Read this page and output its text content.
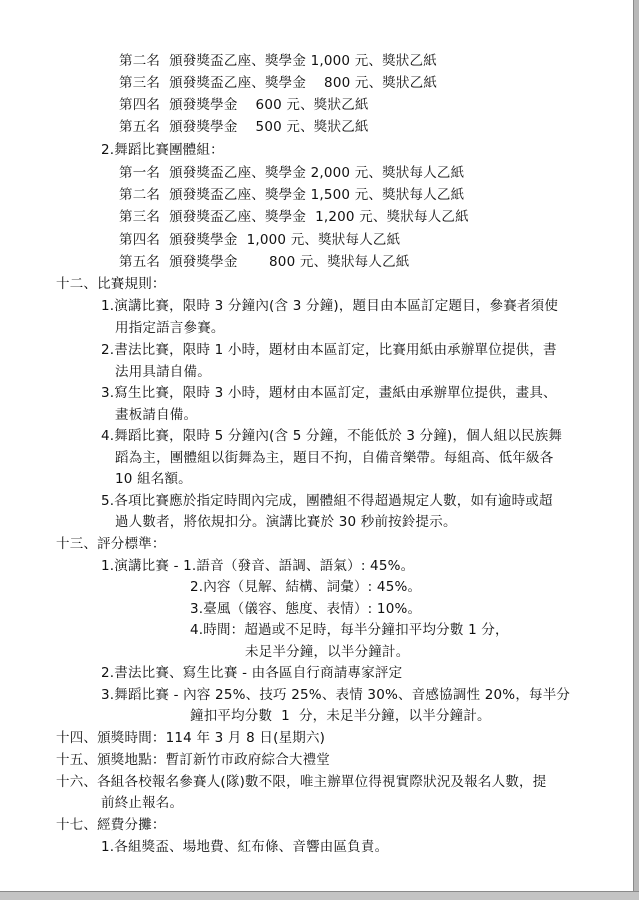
第二名  頒發獎盃乙座、獎學金 1,000 元、獎狀乙紙
第三名  頒發獎盃乙座、獎學金    800 元、獎狀乙紙
第四名  頒發獎學金    600 元、獎狀乙紙
第五名  頒發獎學金    500 元、獎狀乙紙
2.舞蹈比賽團體組：
第一名  頒發獎盃乙座、獎學金 2,000 元、獎狀每人乙紙
第二名  頒發獎盃乙座、獎學金 1,500 元、獎狀每人乙紙
第三名  頒發獎盃乙座、獎學金  1,200 元、獎狀每人乙紙
第四名  頒發獎學金  1,000 元、獎狀每人乙紙
第五名  頒發獎學金       800 元、獎狀每人乙紙
十二、比賽規則：
1.演講比賽，限時 3 分鐘內(含 3 分鐘)，題目由本區訂定題目，參賽者須使
用指定語言參賽。
2.書法比賽，限時 1 小時，題材由本區訂定，比賽用紙由承辦單位提供，書
法用具請自備。
3.寫生比賽，限時 3 小時，題材由本區訂定，畫紙由承辦單位提供，畫具、
畫板請自備。
4.舞蹈比賽，限時 5 分鐘內(含 5 分鐘，不能低於 3 分鐘)，個人組以民族舞
蹈為主，團體組以街舞為主，題目不拘，自備音樂帶。每組高、低年級各
10 組名額。
5.各項比賽應於指定時間內完成，團體組不得超過規定人數，如有逾時或超
過人數者，將依規扣分。演講比賽於 30 秒前按鈴提示。
十三、評分標準：
1.演講比賽 - 1.語音（發音、語調、語氣）: 45%。
2.內容（見解、結構、詞彙）: 45%。
3.臺風（儀容、態度、表情）: 10%。
4.時間：超過或不足時，每半分鐘扣平均分數 1 分，
未足半分鐘，以半分鐘計。
2.書法比賽、寫生比賽 - 由各區自行商請專家評定
3.舞蹈比賽 - 內容 25%、技巧 25%、表情 30%、音感協調性 20%，每半分
鐘扣平均分數  1  分，未足半分鐘，以半分鐘計。
十四、頒獎時間：114 年 3 月 8 日(星期六)
十五、頒獎地點：暫訂新竹市政府綜合大禮堂
十六、各組各校報名參賽人(隊)數不限，唯主辦單位得視實際狀況及報名人數，提
前終止報名。
十七、經費分攤：
1.各組獎盃、場地費、紅布條、音響由區負責。
